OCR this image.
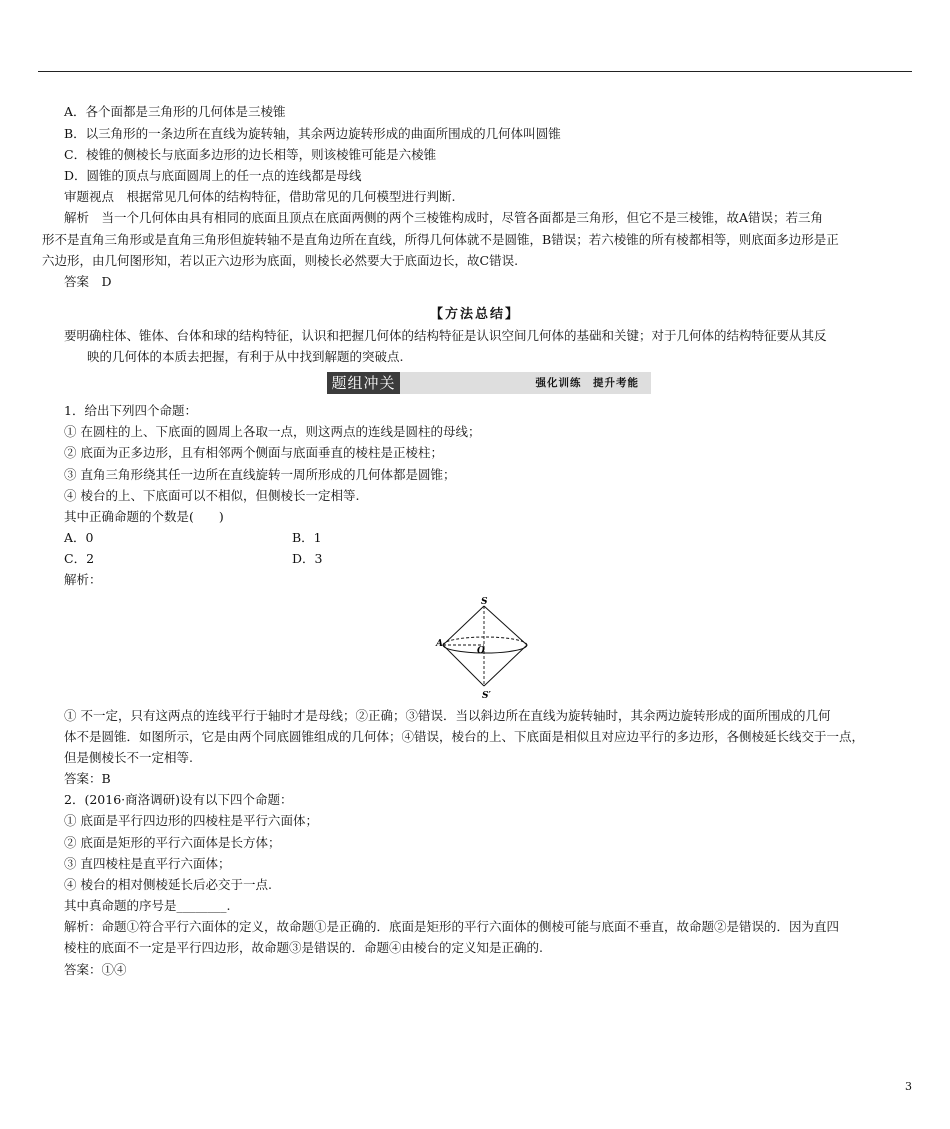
A．各个面都是三角形的几何体是三棱锥
B．以三角形的一条边所在直线为旋转轴，其余两边旋转形成的曲面所围成的几何体叫圆锥
C．棱锥的侧棱长与底面多边形的边长相等，则该棱锥可能是六棱锥
D．圆锥的顶点与底面圆周上的任一点的连线都是母线
审题视点　根据常见几何体的结构特征，借助常见的几何模型进行判断.
解析　当一个几何体由具有相同的底面且顶点在底面两侧的两个三棱锥构成时，尽管各面都是三角形，但它不是三棱锥，故A错误；若三角
形不是直角三角形或是直角三角形但旋转轴不是直角边所在直线，所得几何体就不是圆锥，B错误；若六棱锥的所有棱都相等，则底面多边形是正
六边形，由几何图形知，若以正六边形为底面，则棱长必然要大于底面边长，故C错误.
答案　D
【方法总结】
要明确柱体、锥体、台体和球的结构特征，认识和把握几何体的结构特征是认识空间几何体的基础和关键；对于几何体的结构特征要从其反
映的几何体的本质去把握，有利于从中找到解题的突破点.
题组冲关	强化训练　提升考能
1．给出下列四个命题：
① 在圆柱的上、下底面的圆周上各取一点，则这两点的连线是圆柱的母线；
② 底面为正多边形，且有相邻两个侧面与底面垂直的棱柱是正棱柱；
③ 直角三角形绕其任一边所在直线旋转一周所形成的几何体都是圆锥；
④ 棱台的上、下底面可以不相似，但侧棱长一定相等.
其中正确命题的个数是(　　)
A．0	B．1
C．2	D．3
解析：
S
A
O
S′
① 不一定，只有这两点的连线平行于轴时才是母线；②正确；③错误．当以斜边所在直线为旋转轴时，其余两边旋转形成的面所围成的几何
体不是圆锥．如图所示，它是由两个同底圆锥组成的几何体；④错误，棱台的上、下底面是相似且对应边平行的多边形，各侧棱延长线交于一点，
但是侧棱长不一定相等.
答案：B
2．(2016·商洛调研)设有以下四个命题：
① 底面是平行四边形的四棱柱是平行六面体；
② 底面是矩形的平行六面体是长方体；
③ 直四棱柱是直平行六面体；
④ 棱台的相对侧棱延长后必交于一点.
其中真命题的序号是________.
解析：命题①符合平行六面体的定义，故命题①是正确的．底面是矩形的平行六面体的侧棱可能与底面不垂直，故命题②是错误的．因为直四
棱柱的底面不一定是平行四边形，故命题③是错误的．命题④由棱台的定义知是正确的.
答案：①④
3
